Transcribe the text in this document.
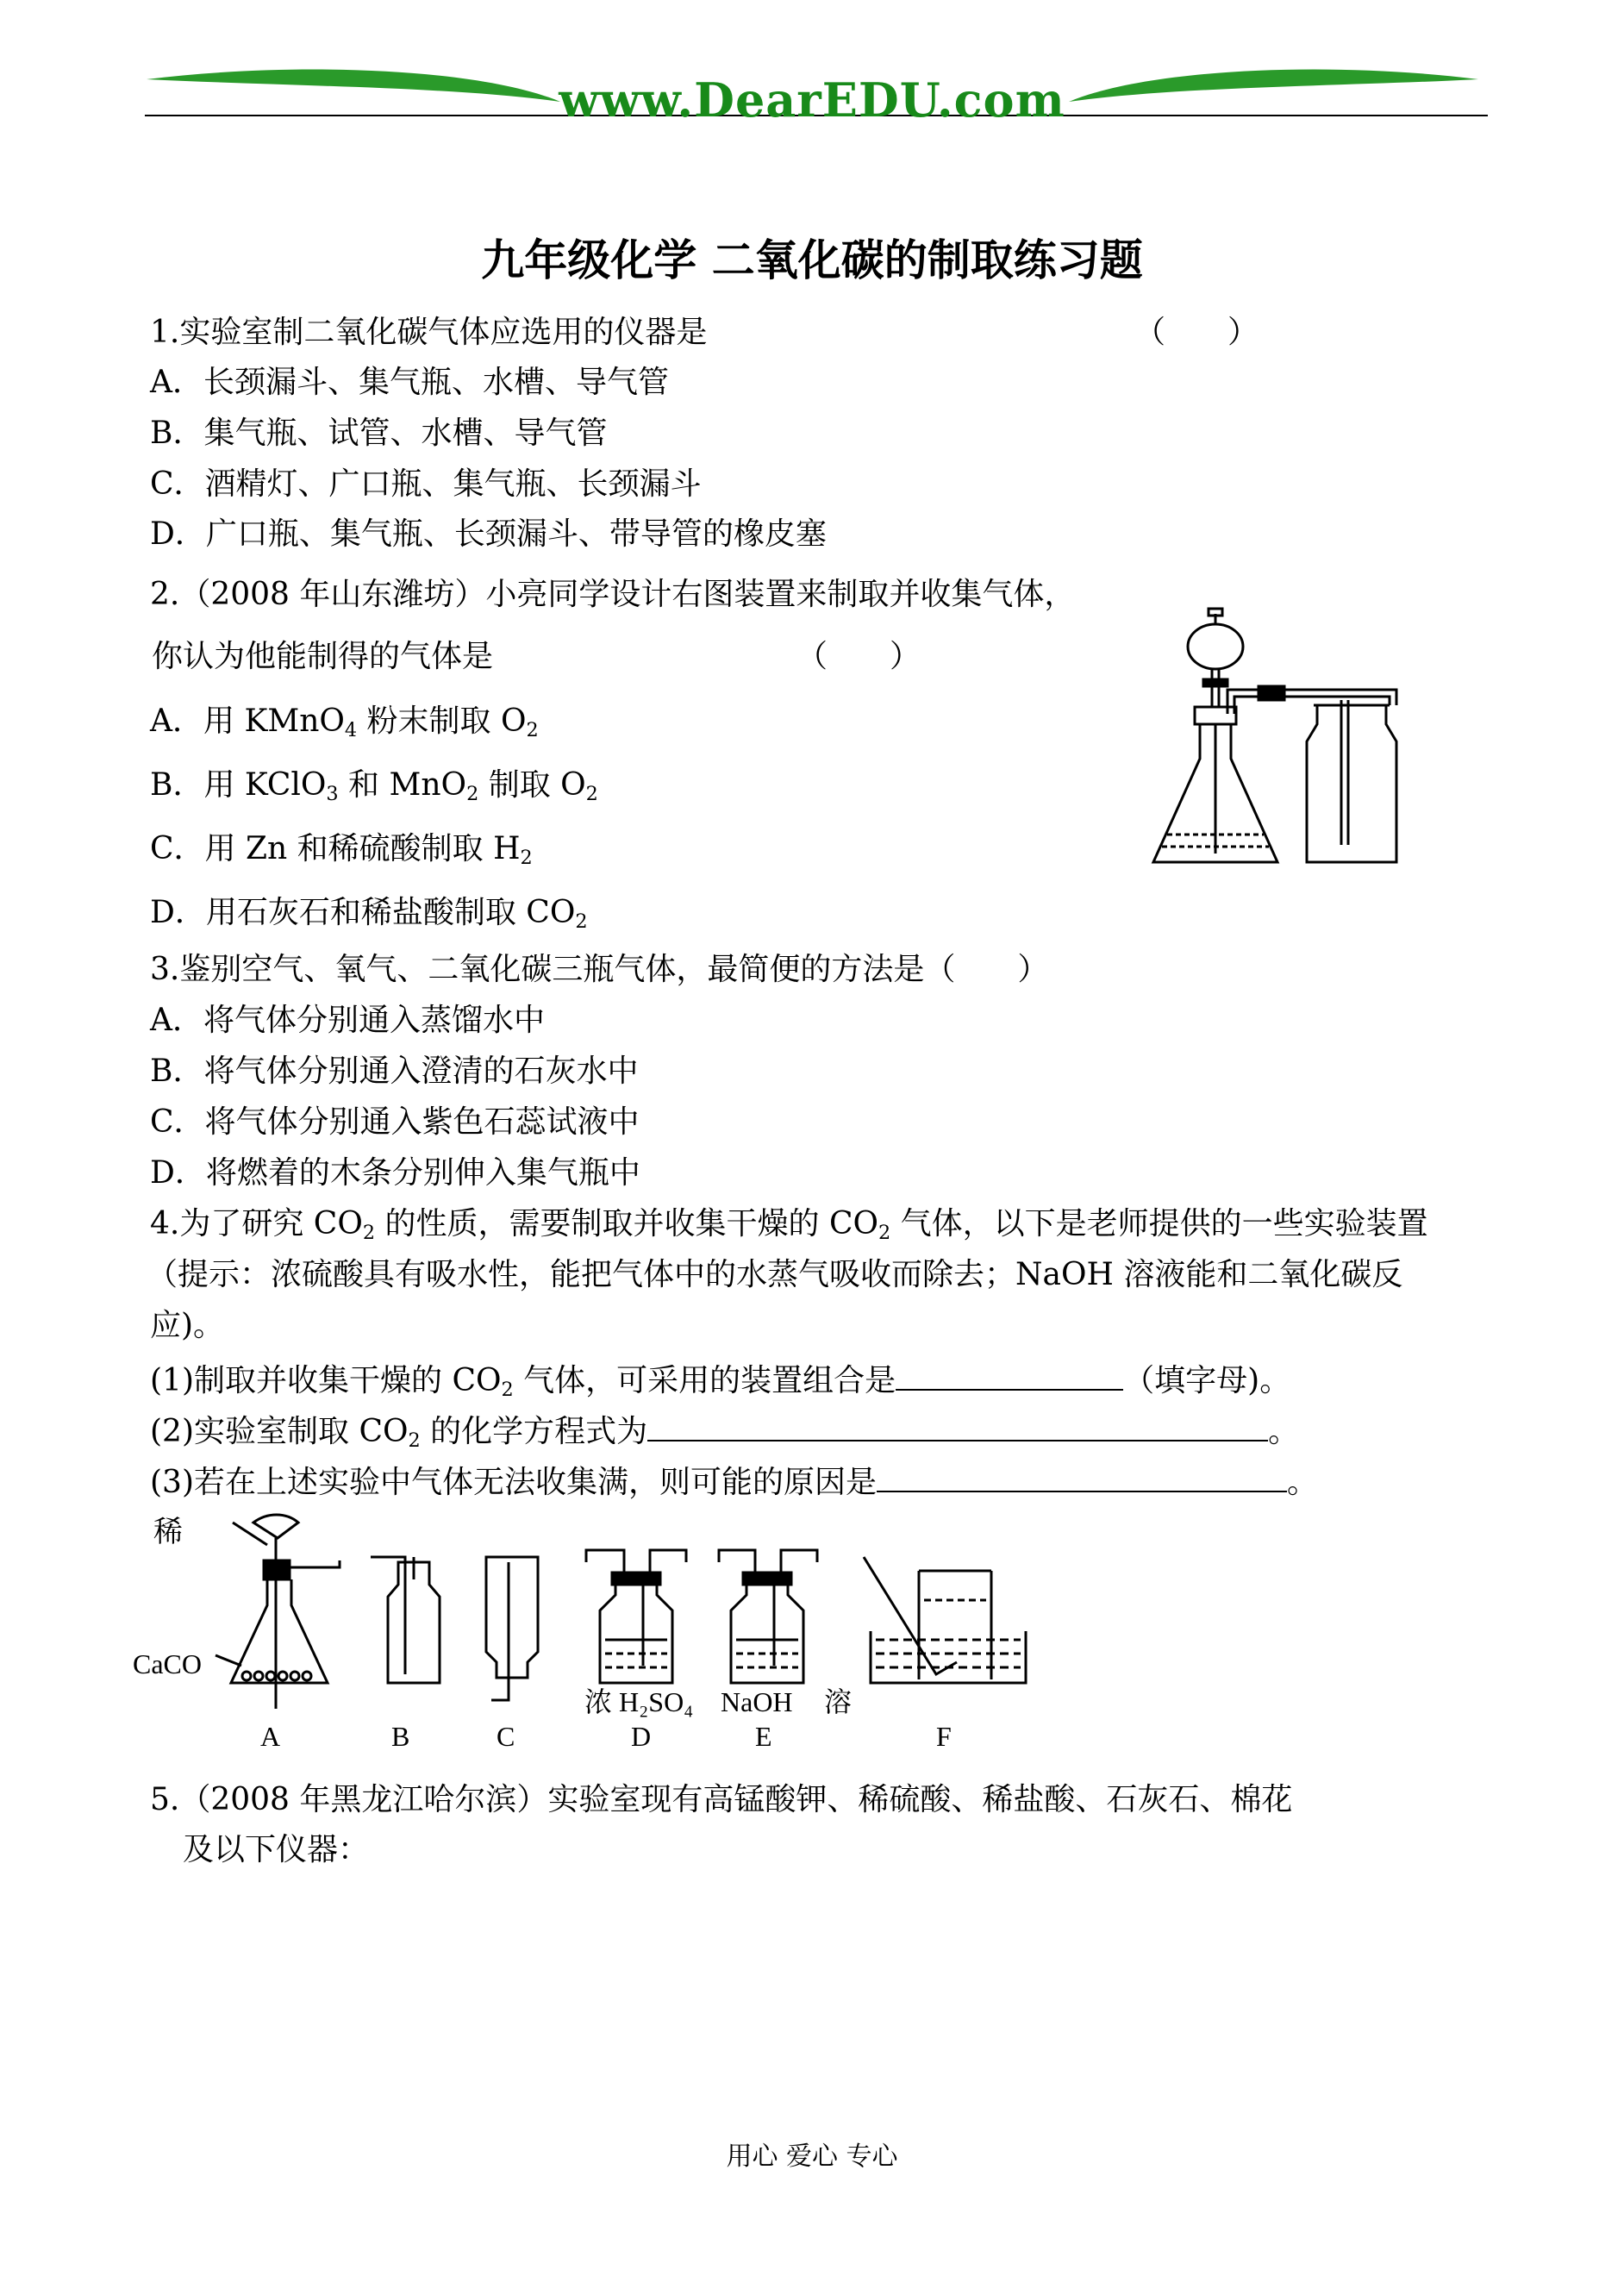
www.DearEDU.com
九年级化学 二氧化碳的制取练习题
1.实验室制二氧化碳气体应选用的仪器是	（　　）
A．长颈漏斗、集气瓶、水槽、导气管
B．集气瓶、试管、水槽、导气管
C．酒精灯、广口瓶、集气瓶、长颈漏斗
D．广口瓶、集气瓶、长颈漏斗、带导管的橡皮塞
2.（2008 年山东潍坊）小亮同学设计右图装置来制取并收集气体，
你认为他能制得的气体是	（　　）
A．用 KMnO$_4$ 粉末制取 $O_2$
B．用 KClO$_3$ 和 MnO$_2$ 制取 $O_2$
C．用 Zn 和稀硫酸制取 $H_2$
D．用石灰石和稀盐酸制取 $CO_2$
3.鉴别空气、氧气、二氧化碳三瓶气体，最简便的方法是（　　）
A．将气体分别通入蒸馏水中
B．将气体分别通入澄清的石灰水中
C．将气体分别通入紫色石蕊试液中
D．将燃着的木条分别伸入集气瓶中
4.为了研究 $CO_2$ 的性质，需要制取并收集干燥的 $CO_2$ 气体，以下是老师提供的一些实验装置
（提示：浓硫酸具有吸水性，能把气体中的水蒸气吸收而除去；NaOH 溶液能和二氧化碳反
应)。
(1)制取并收集干燥的 $CO_2$ 气体，可采用的装置组合是	（填字母)。
(2)实验室制取 $CO_2$ 的化学方程式为	。
(3)若在上述实验中气体无法收集满，则可能的原因是	。
稀
CaCO
浓 H₂SO₄ NaOH 溶
A	B	C	D	E	F
5.（2008 年黑龙江哈尔滨）实验室现有高锰酸钾、稀硫酸、稀盐酸、石灰石、棉花
及以下仪器：
用心 爱心 专心
